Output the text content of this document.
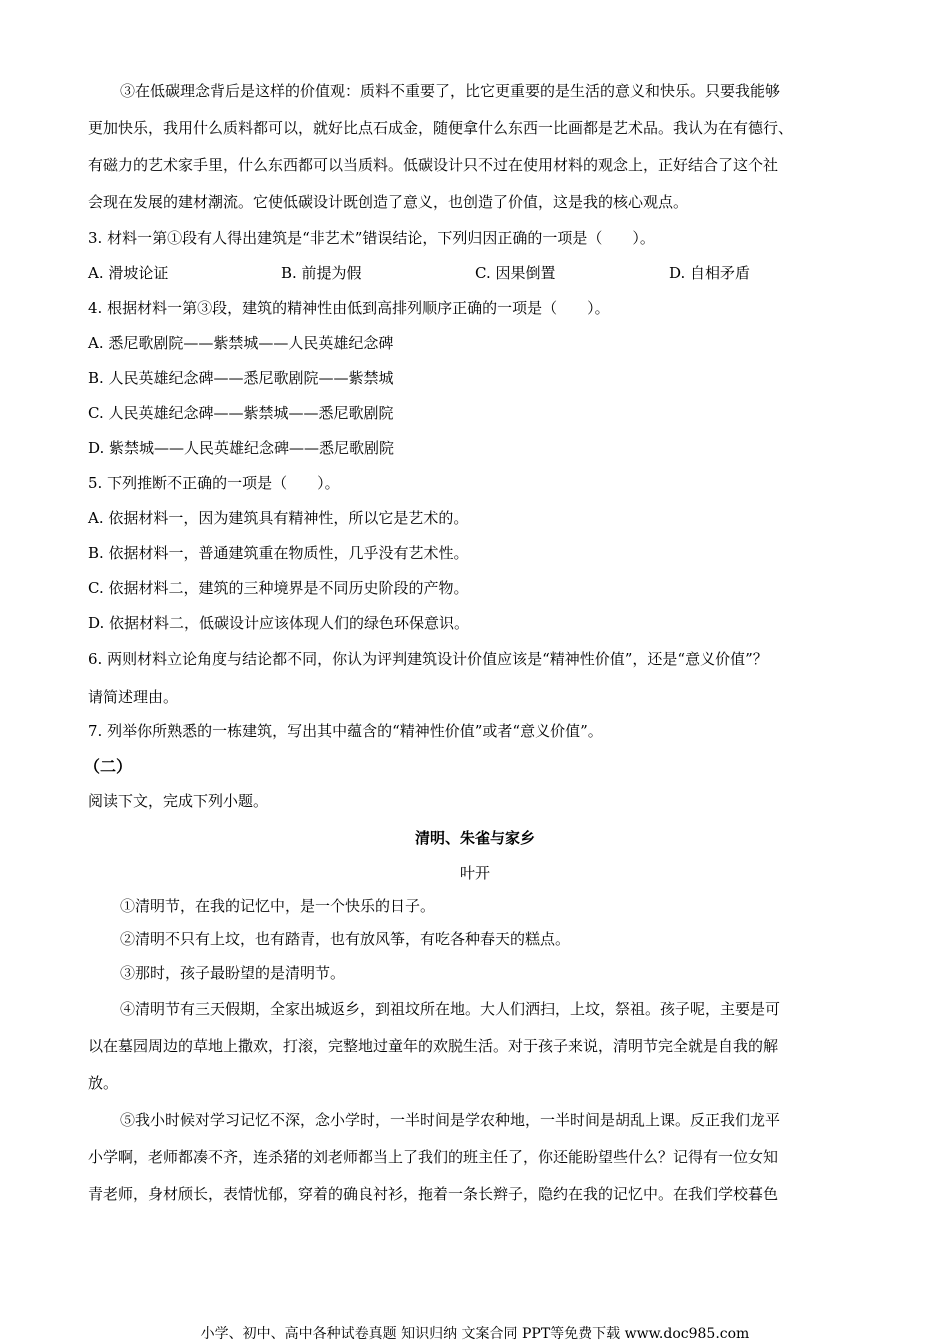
③在低碳理念背后是这样的价值观：质料不重要了，比它更重要的是生活的意义和快乐。只要我能够
更加快乐，我用什么质料都可以，就好比点石成金，随便拿什么东西一比画都是艺术品。我认为在有德行、
有磁力的艺术家手里，什么东西都可以当质料。低碳设计只不过在使用材料的观念上，正好结合了这个社
会现在发展的建材潮流。它使低碳设计既创造了意义，也创造了价值，这是我的核心观点。
3. 材料一第①段有人得出建筑是“非艺术”错误结论，下列归因正确的一项是（　　）。
A. 滑坡论证	B. 前提为假	C. 因果倒置	D. 自相矛盾
4. 根据材料一第③段，建筑的精神性由低到高排列顺序正确的一项是（　　）。
A. 悉尼歌剧院——紫禁城——人民英雄纪念碑
B. 人民英雄纪念碑——悉尼歌剧院——紫禁城
C. 人民英雄纪念碑——紫禁城——悉尼歌剧院
D. 紫禁城——人民英雄纪念碑——悉尼歌剧院
5. 下列推断不正确的一项是（　　）。
A. 依据材料一，因为建筑具有精神性，所以它是艺术的。
B. 依据材料一，普通建筑重在物质性，几乎没有艺术性。
C. 依据材料二，建筑的三种境界是不同历史阶段的产物。
D. 依据材料二，低碳设计应该体现人们的绿色环保意识。
6. 两则材料立论角度与结论都不同，你认为评判建筑设计价值应该是“精神性价值”，还是“意义价值”？
请简述理由。
7. 列举你所熟悉的一栋建筑，写出其中蕴含的“精神性价值”或者“意义价值”。
（二）
阅读下文，完成下列小题。
清明、朱雀与家乡
叶开
①清明节，在我的记忆中，是一个快乐的日子。
②清明不只有上坟，也有踏青，也有放风筝，有吃各种春天的糕点。
③那时，孩子最盼望的是清明节。
④清明节有三天假期，全家出城返乡，到祖坟所在地。大人们洒扫，上坟，祭祖。孩子呢，主要是可
以在墓园周边的草地上撒欢，打滚，完整地过童年的欢脱生活。对于孩子来说，清明节完全就是自我的解
放。
⑤我小时候对学习记忆不深，念小学时，一半时间是学农种地，一半时间是胡乱上课。反正我们龙平
小学啊，老师都凑不齐，连杀猪的刘老师都当上了我们的班主任了，你还能盼望些什么？记得有一位女知
青老师，身材颀长，表情忧郁，穿着的确良衬衫，拖着一条长辫子，隐约在我的记忆中。在我们学校暮色
小学、初中、高中各种试卷真题 知识归纳 文案合同 PPT等免费下载 www.doc985.com
